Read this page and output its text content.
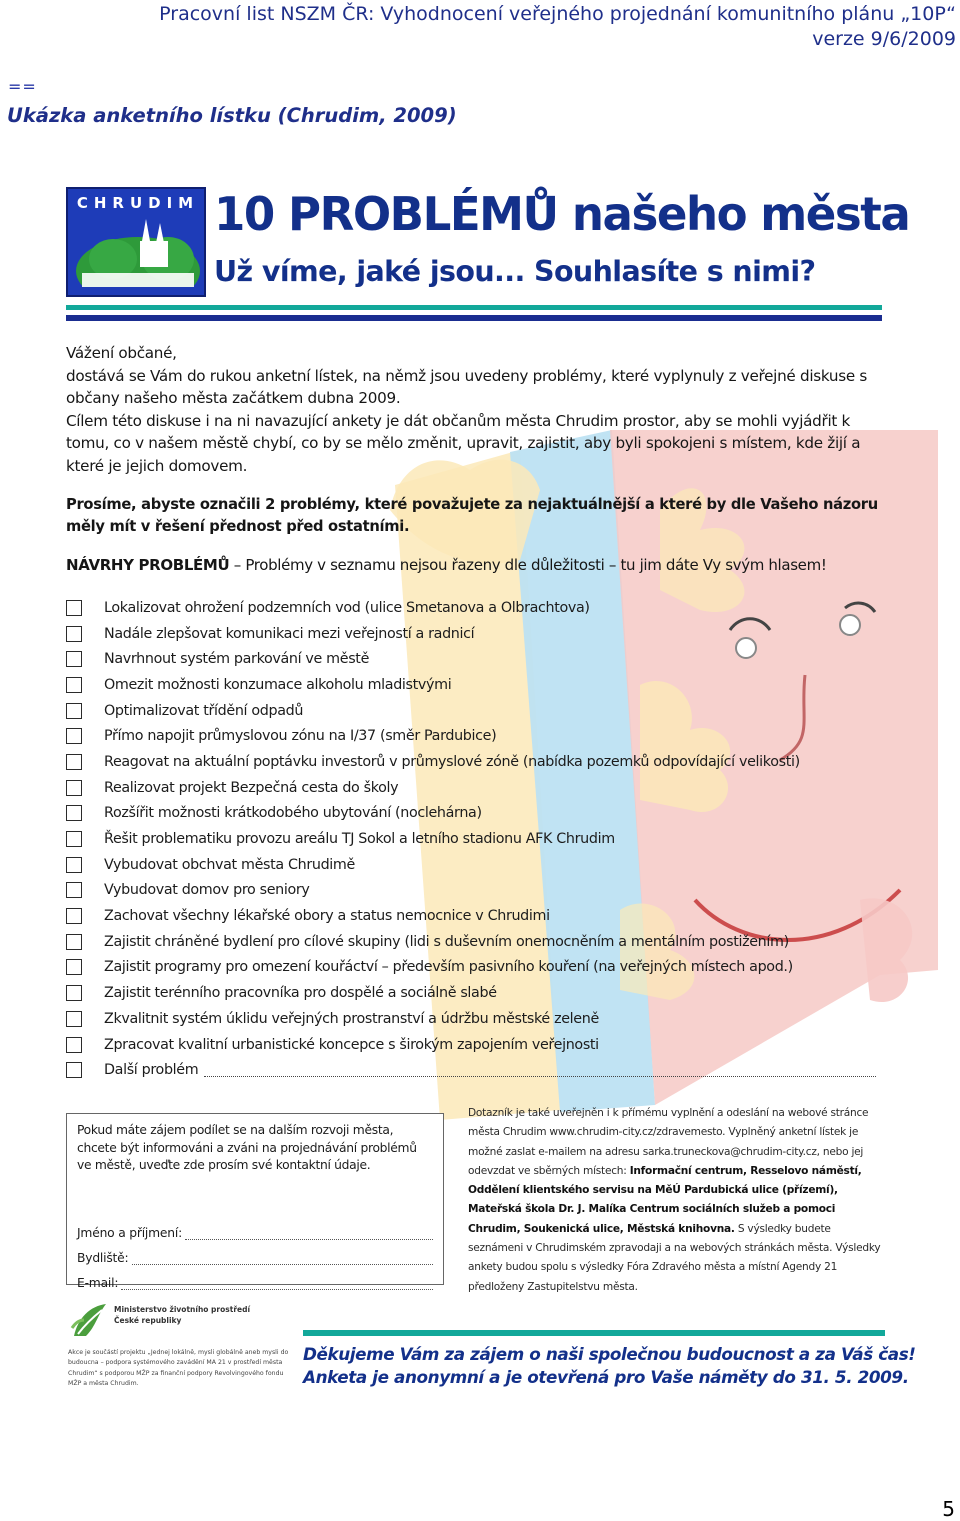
Pracovní list NSZM ČR: Vyhodnocení veřejného projednání komunitního plánu „10P“
verze 9/6/2009
==
Ukázka anketního lístku (Chrudim, 2009)
CHRUDIM 10 PROBLÉMŮ našeho města
Už víme, jaké jsou... Souhlasíte s nimi?

Vážení občané,

dostává se Vám do rukou anketní lístek, na němž jsou uvedeny problémy, které vyplynuly z veřejné diskuse s občany našeho města začátkem dubna 2009.

Cílem této diskuse i na ni navazující ankety je dát občanům města Chrudim prostor, aby se mohli vyjádřit k tomu, co v našem městě chybí, co by se mělo změnit, upravit, zajistit, aby byli spokojeni s místem, kde žijí a které je jejich domovem.

Prosíme, abyste označili 2 problémy, které považujete za nejaktuálnější a které by dle Vašeho názoru měly mít v řešení přednost před ostatními.
NÁVRHY PROBLÉMŮ – Problémy v seznamu nejsou řazeny dle důležitosti – tu jim dáte Vy svým hlasem!
Lokalizovat ohrožení podzemních vod (ulice Smetanova a Olbrachtova)
Nadále zlepšovat komunikaci mezi veřejností a radnicí
Navrhnout systém parkování ve městě
Omezit možnosti konzumace alkoholu mladistvými
Optimalizovat třídění odpadů
Přímo napojit průmyslovou zónu na I/37 (směr Pardubice)
Reagovat na aktuální poptávku investorů v průmyslové zóně (nabídka pozemků odpovídající velikosti)
Realizovat projekt Bezpečná cesta do školy
Rozšířit možnosti krátkodobého ubytování (noclehárna)
Řešit problematiku provozu areálu TJ Sokol a letního stadionu AFK Chrudim
Vybudovat obchvat města Chrudimě
Vybudovat domov pro seniory
Zachovat všechny lékařské obory a status nemocnice v Chrudimi
Zajistit chráněné bydlení pro cílové skupiny (lidi s duševním onemocněním a mentálním postižením)
Zajistit programy pro omezení kouřáctví – především pasivního kouření (na veřejných místech apod.)
Zajistit terénního pracovníka pro dospělé a sociálně slabé
Zkvalitnit systém úklidu veřejných prostranství a údržbu městské zeleně
Zpracovat kvalitní urbanistické koncepce s širokým zapojením veřejnosti
Další problém
Pokud máte zájem podílet se na dalším rozvoji města, chcete být informováni a zváni na projednávání problémů ve městě, uveďte zde prosím své kontaktní údaje.
Jméno a příjmení:
Bydliště:
E-mail:
Dotazník je také uveřejněn i k přímému vyplnění a odeslání na webové stránce města Chrudim www.chrudim-city.cz/zdravemesto. Vyplněný anketní lístek je možné zaslat e-mailem na adresu sarka.truneckova@chrudim-city.cz, nebo jej odevzdat ve sběrných místech: Informační centrum, Resselovo náměstí, Oddělení klientského servisu na MěÚ Pardubická ulice (přízemí), Mateřská škola Dr. J. Malíka Centrum sociálních služeb a pomoci Chrudim, Soukenická ulice, Městská knihovna. S výsledky budete seznámeni v Chrudimském zpravodaji a na webových stránkách města. Výsledky ankety budou spolu s výsledky Fóra Zdravého města a místní Agendy 21 předloženy Zastupitelstvu města.
Ministerstvo životního prostředí České republiky
Akce je součástí projektu „Jednej lokálně, mysli globálně aneb mysli do budoucna – podpora systémového zavádění MA 21 v prostředí města Chrudim“ s podporou MŽP za finanční podpory Revolvingového fondu MŽP a města Chrudim.
Děkujeme Vám za zájem o naši společnou budoucnost a za Váš čas!
Anketa je anonymní a je otevřená pro Vaše náměty do 31. 5. 2009.
5
